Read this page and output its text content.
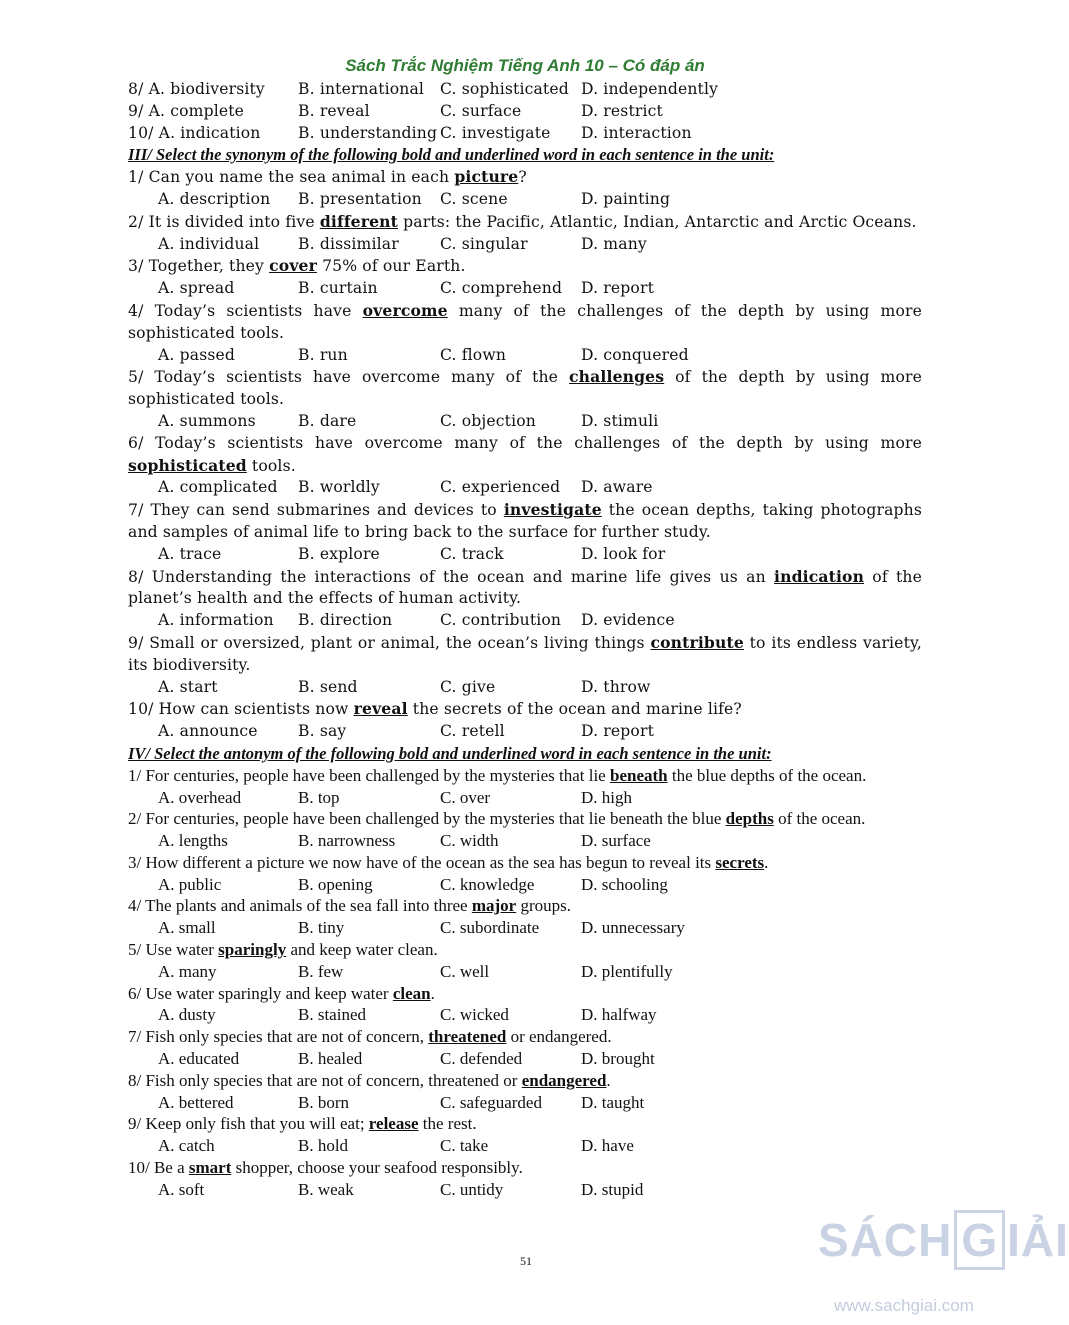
Sách Trắc Nghiệm Tiếng Anh 10 – Có đáp án
8/ A. biodiversity B. international C. sophisticated D. independently
9/ A. complete	B. reveal	C. surface	D. restrict
10/ A. indication B. understanding C. investigate D. interaction
III/ Select the synonym of the following bold and underlined word in each sentence in the unit:
1/ Can you name the sea animal in each picture?
A. description B. presentation C. scene	D. painting
2/ It is divided into five different parts: the Pacific, Atlantic, Indian, Antarctic and Arctic Oceans.
A. individual B. dissimilar	C. singular	D. many
3/ Together, they cover 75% of our Earth.
A. spread	B. curtain	C. comprehend D. report
4/ Today’s scientists have overcome many of the challenges of the depth by using more sophisticated tools.
A. passed	B. run	C. flown	D. conquered
5/ Today’s scientists have overcome many of the challenges of the depth by using more sophisticated tools.
A. summons	B. dare	C. objection	D. stimuli
6/ Today’s scientists have overcome many of the challenges of the depth by using more sophisticated tools.
A. complicated B. worldly	C. experienced D. aware
7/ They can send submarines and devices to investigate the ocean depths, taking photographs and samples of animal life to bring back to the surface for further study.
A. trace	B. explore	C. track	D. look for
8/ Understanding the interactions of the ocean and marine life gives us an indication of the planet’s health and the effects of human activity.
A. information B. direction	C. contribution D. evidence
9/ Small or oversized, plant or animal, the ocean’s living things contribute to its endless variety, its biodiversity.
A. start	B. send	C. give	D. throw
10/ How can scientists now reveal the secrets of the ocean and marine life?
A. announce	B. say	C. retell	D. report
IV/ Select the antonym of the following bold and underlined word in each sentence in the unit:
1/ For centuries, people have been challenged by the mysteries that lie beneath the blue depths of the ocean.
A. overhead	B. top	C. over	D. high
2/ For centuries, people have been challenged by the mysteries that lie beneath the blue depths of the ocean.
A. lengths	B. narrowness	C. width	D. surface
3/ How different a picture we now have of the ocean as the sea has begun to reveal its secrets.
A. public	B. opening	C. knowledge	D. schooling
4/ The plants and animals of the sea fall into three major groups.
A. small	B. tiny	C. subordinate D. unnecessary
5/ Use water sparingly and keep water clean.
A. many	B. few	C. well	D. plentifully
6/ Use water sparingly and keep water clean.
A. dusty	B. stained	C. wicked	D. halfway
7/ Fish only species that are not of concern, threatened or endangered.
A. educated	B. healed	C. defended	D. brought
8/ Fish only species that are not of concern, threatened or endangered.
A. bettered	B. born	C. safeguarded D. taught
9/ Keep only fish that you will eat; release the rest.
A. catch	B. hold	C. take	D. have
10/ Be a smart shopper, choose your seafood responsibly.
A. soft	B. weak	C. untidy	D. stupid
51	SÁCH G IẢI
www.sachgiai.com
